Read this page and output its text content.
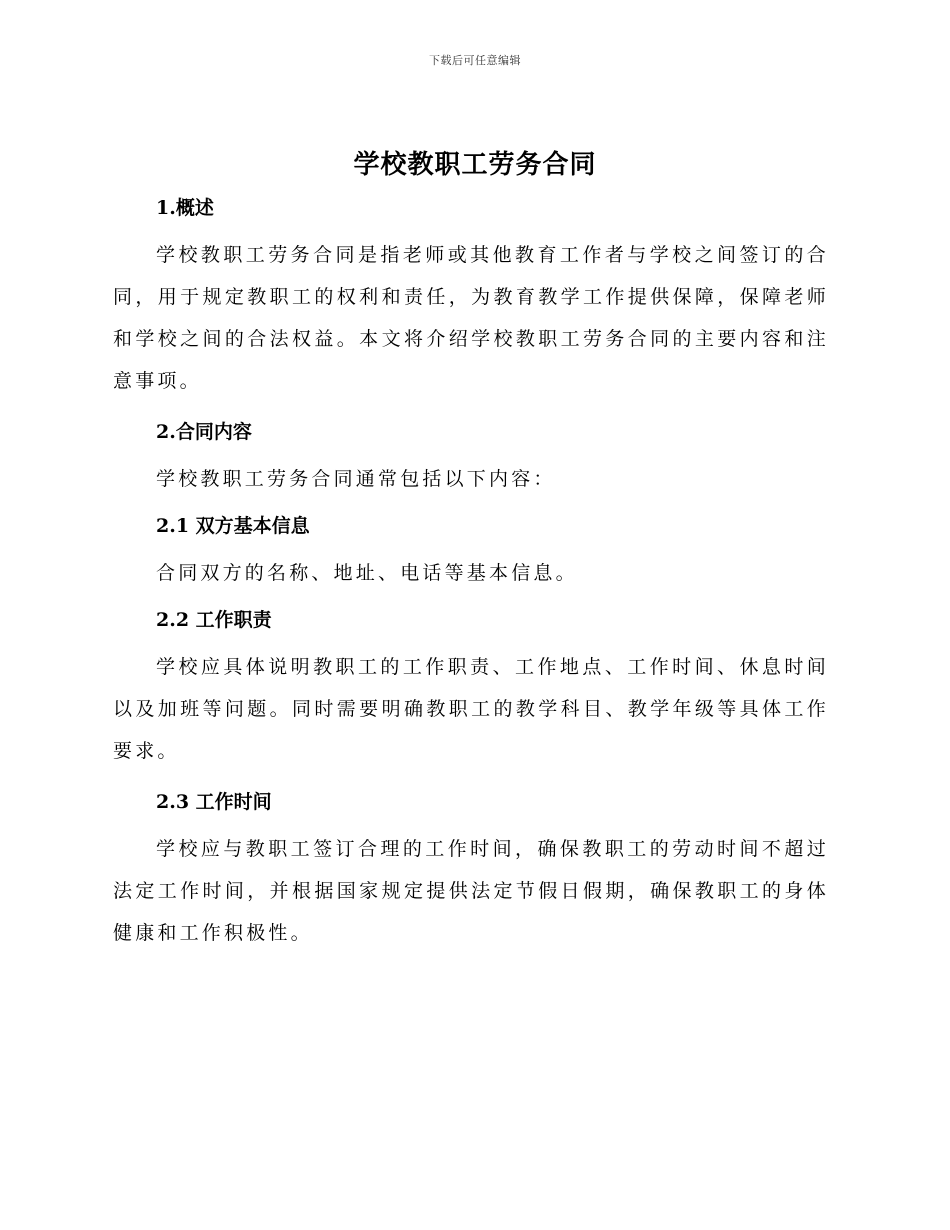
下载后可任意编辑
学校教职工劳务合同
1.概述

学校教职工劳务合同是指老师或其他教育工作者与学校之间签订的合同，用于规定教职工的权利和责任，为教育教学工作提供保障，保障老师和学校之间的合法权益。本文将介绍学校教职工劳务合同的主要内容和注意事项。

2.合同内容

学校教职工劳务合同通常包括以下内容：

2.1 双方基本信息

合同双方的名称、地址、电话等基本信息。

2.2 工作职责

学校应具体说明教职工的工作职责、工作地点、工作时间、休息时间以及加班等问题。同时需要明确教职工的教学科目、教学年级等具体工作要求。

2.3 工作时间

学校应与教职工签订合理的工作时间，确保教职工的劳动时间不超过法定工作时间，并根据国家规定提供法定节假日假期，确保教职工的身体健康和工作积极性。
